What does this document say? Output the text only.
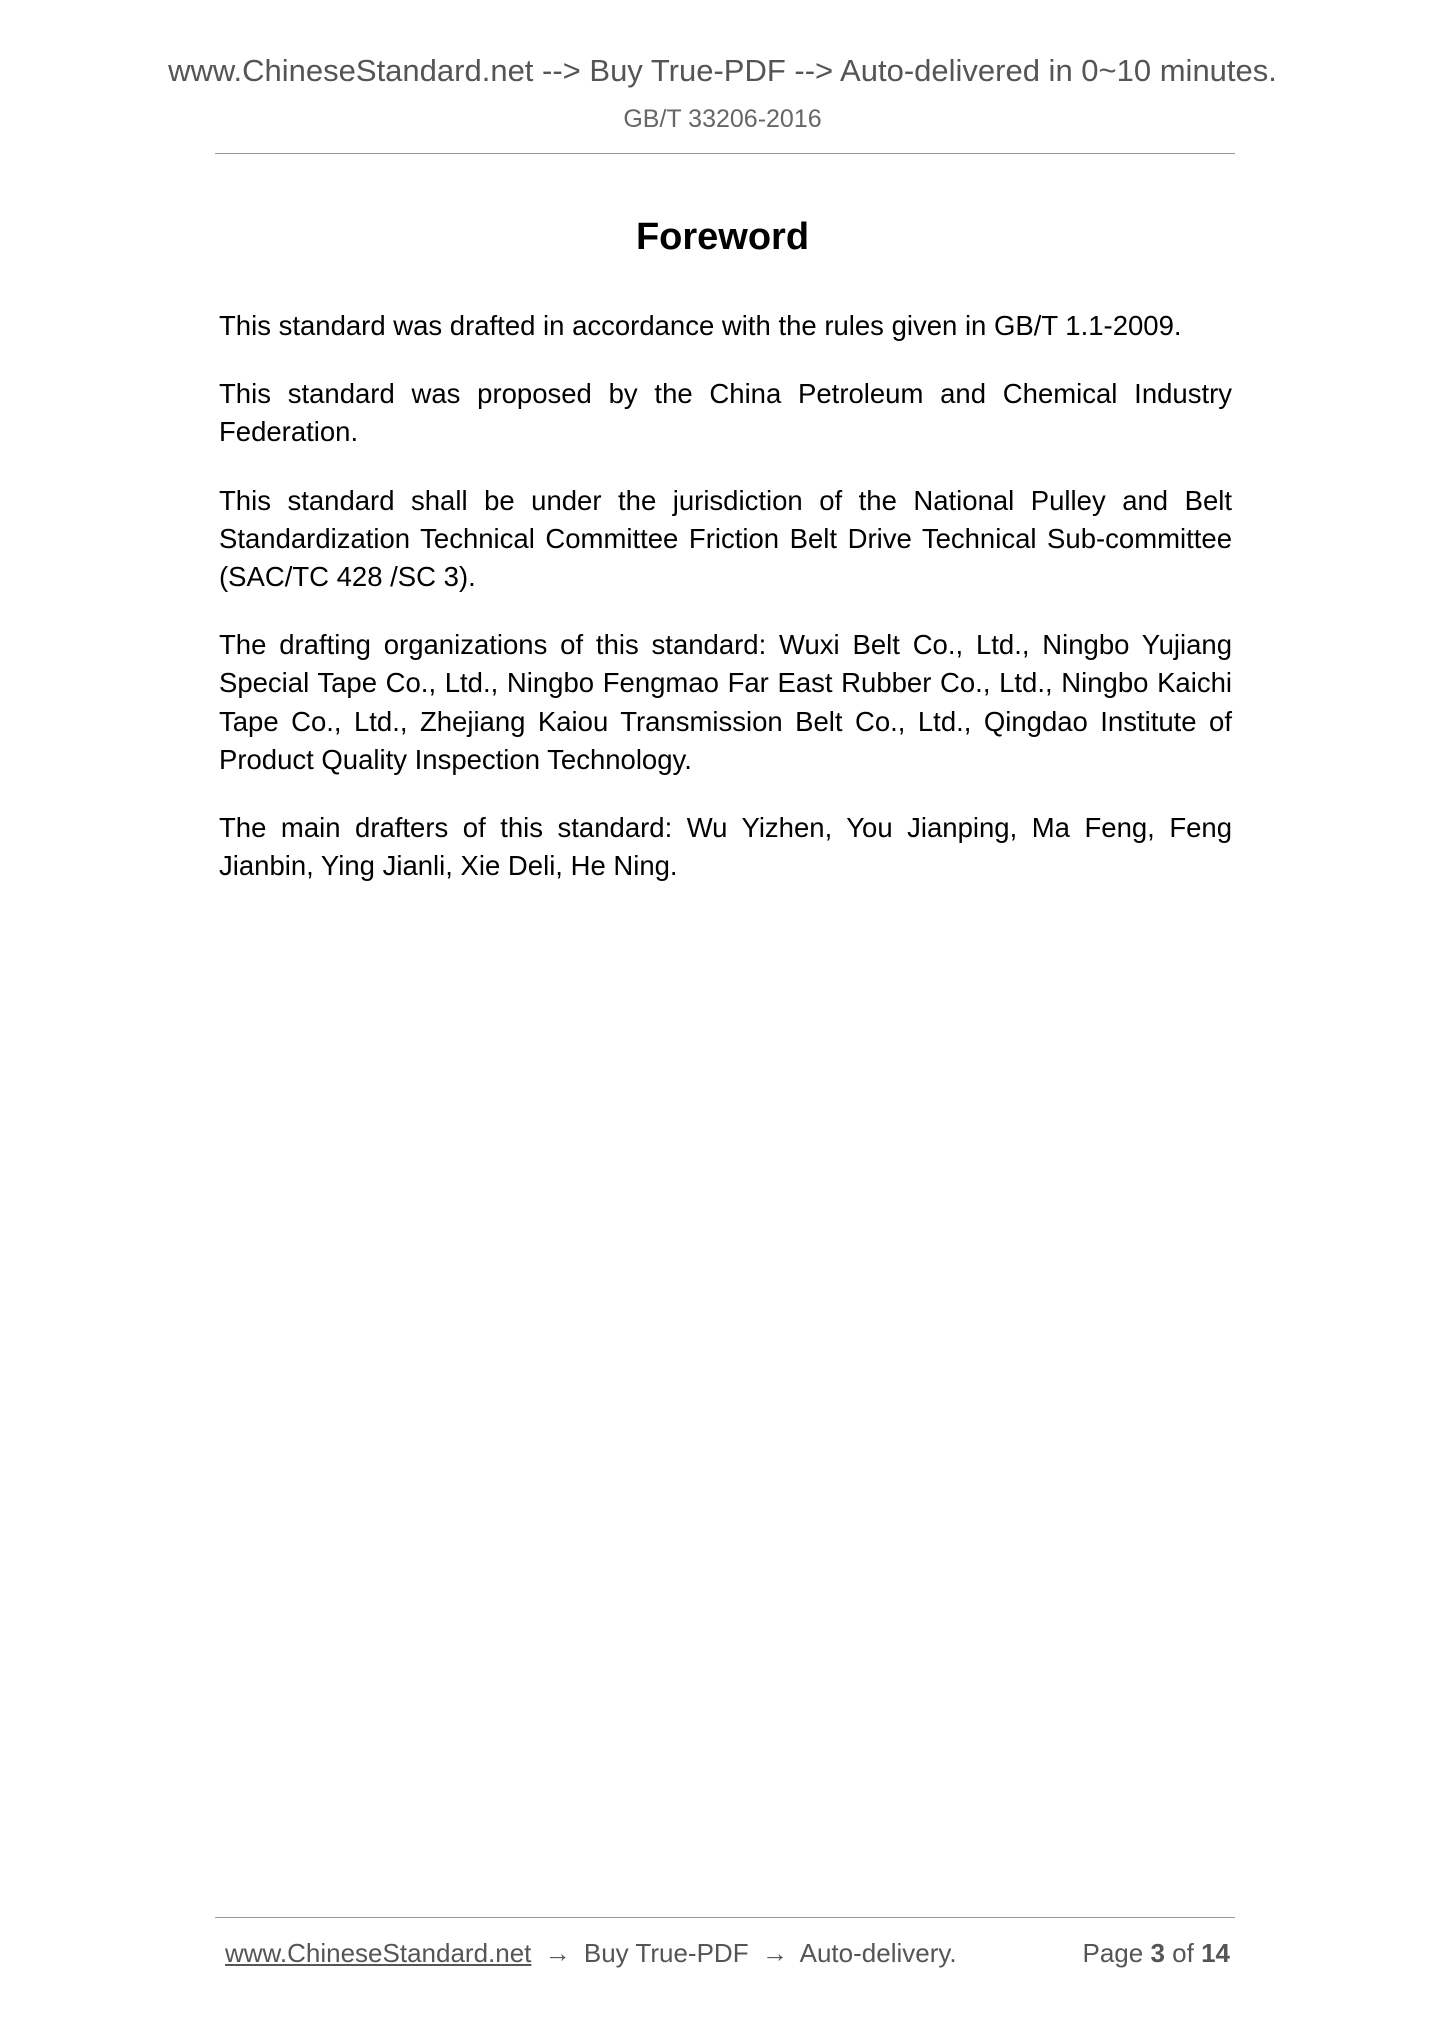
www.ChineseStandard.net --> Buy True-PDF --> Auto-delivered in 0~10 minutes.
GB/T 33206-2016
Foreword

This standard was drafted in accordance with the rules given in GB/T 1.1-2009.

This standard was proposed by the China Petroleum and Chemical Industry Federation.

This standard shall be under the jurisdiction of the National Pulley and Belt Standardization Technical Committee Friction Belt Drive Technical Sub-committee (SAC/TC 428 /SC 3).

The drafting organizations of this standard: Wuxi Belt Co., Ltd., Ningbo Yujiang Special Tape Co., Ltd., Ningbo Fengmao Far East Rubber Co., Ltd., Ningbo Kaichi Tape Co., Ltd., Zhejiang Kaiou Transmission Belt Co., Ltd., Qingdao Institute of Product Quality Inspection Technology.

The main drafters of this standard: Wu Yizhen, You Jianping, Ma Feng, Feng Jianbin, Ying Jianli, Xie Deli, He Ning.

www.ChineseStandard.net → Buy True-PDF → Auto-delivery.	Page 3 of 14
